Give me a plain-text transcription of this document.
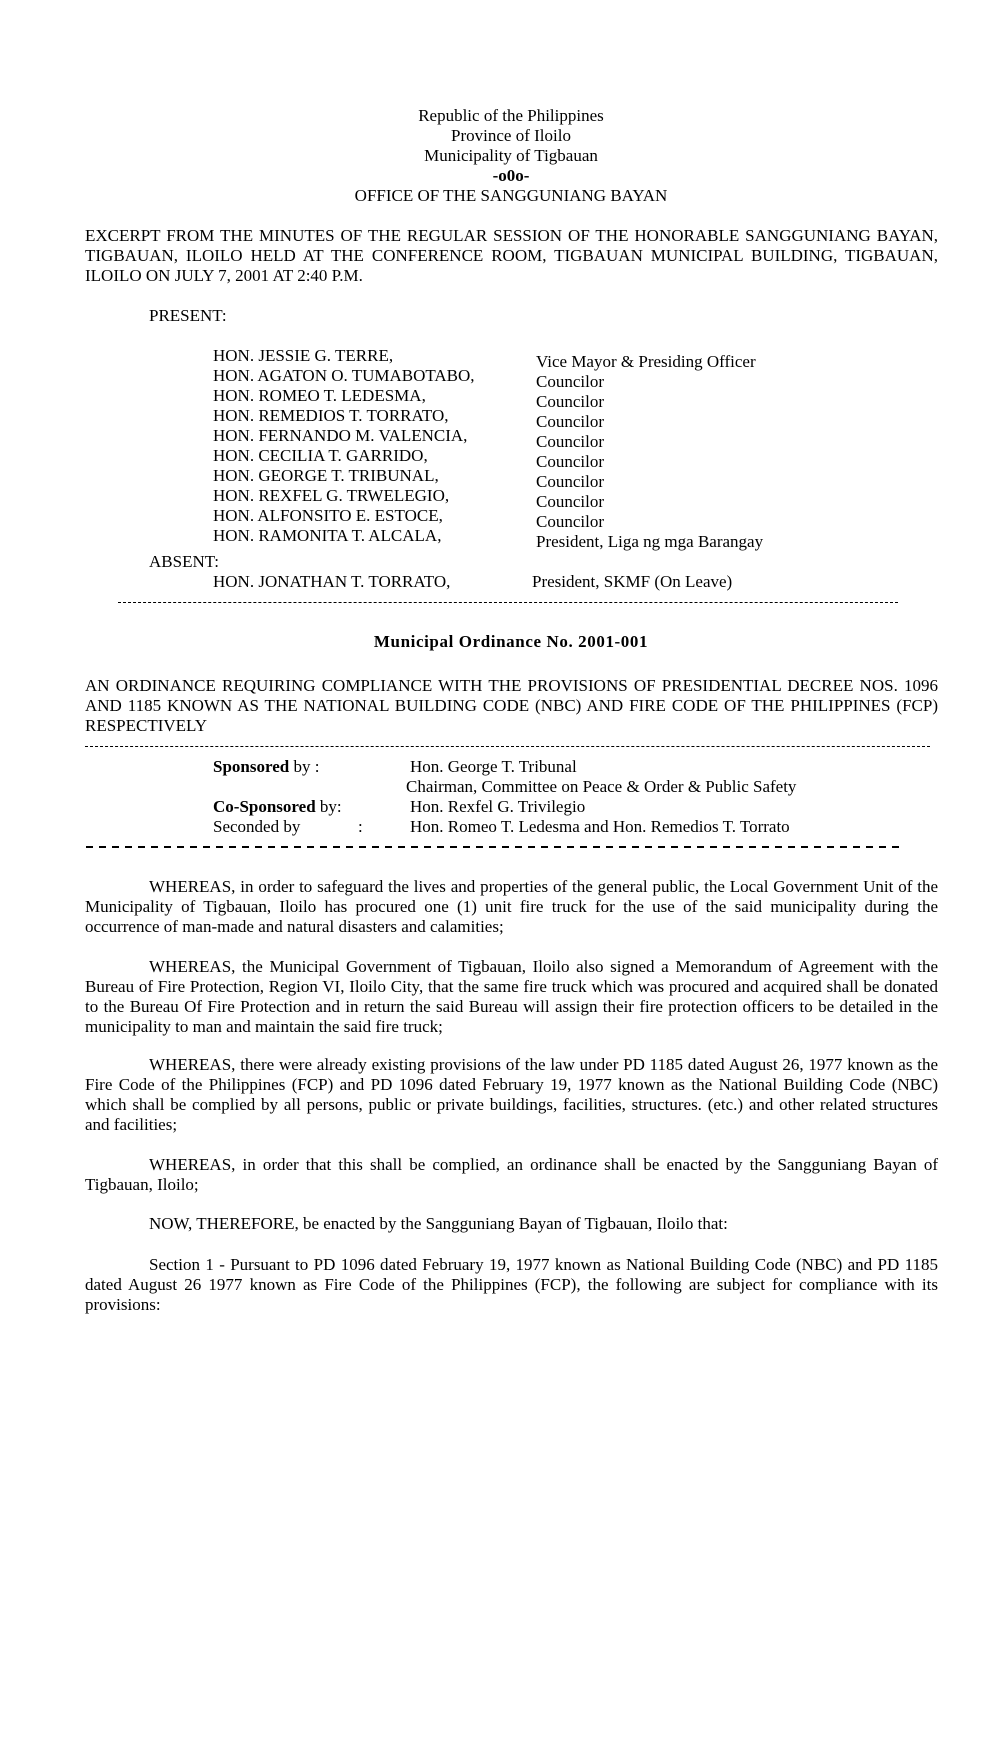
Republic of the Philippines
Province of Iloilo
Municipality of Tigbauan
-o0o-
OFFICE OF THE SANGGUNIANG BAYAN
EXCERPT FROM THE MINUTES OF THE REGULAR SESSION OF THE HONORABLE SANGGUNIANG BAYAN, TIGBAUAN, ILOILO HELD AT THE CONFERENCE ROOM, TIGBAUAN MUNICIPAL BUILDING, TIGBAUAN, ILOILO ON JULY 7, 2001 AT 2:40 P.M.
PRESENT:
HON. JESSIE G. TERRE,	Vice Mayor & Presiding Officer
HON. AGATON O. TUMABOTABO,	Councilor
HON. ROMEO T. LEDESMA,	Councilor
HON. REMEDIOS T. TORRATO,	Councilor
HON. FERNANDO M. VALENCIA,	Councilor
HON. CECILIA T. GARRIDO,	Councilor
HON. GEORGE T. TRIBUNAL,	Councilor
HON. REXFEL G. TRWELEGIO,	Councilor
HON. ALFONSITO E. ESTOCE,	Councilor
HON. RAMONITA T. ALCALA,	President, Liga ng mga Barangay
ABSENT:
HON. JONATHAN T. TORRATO,	President, SKMF (On Leave)
Municipal Ordinance No. 2001-001
AN ORDINANCE REQUIRING COMPLIANCE WITH THE PROVISIONS OF PRESIDENTIAL DECREE NOS. 1096 AND 1185 KNOWN AS THE NATIONAL BUILDING CODE (NBC) AND FIRE CODE OF THE PHILIPPINES (FCP) RESPECTIVELY
Sponsored by :	Hon. George T. Tribunal
Chairman, Committee on Peace & Order & Public Safety
Co-Sponsored by:	Hon. Rexfel G. Trivilegio
Seconded by	:	Hon. Romeo T. Ledesma and Hon. Remedios T. Torrato
WHEREAS, in order to safeguard the lives and properties of the general public, the Local Government Unit of the Municipality of Tigbauan, Iloilo has procured one (1) unit fire truck for the use of the said municipality during the occurrence of man-made and natural disasters and calamities;
WHEREAS, the Municipal Government of Tigbauan, Iloilo also signed a Memorandum of Agreement with the Bureau of Fire Protection, Region VI, Iloilo City, that the same fire truck which was procured and acquired shall be donated to the Bureau Of Fire Protection and in return the said Bureau will assign their fire protection officers to be detailed in the municipality to man and maintain the said fire truck;
WHEREAS, there were already existing provisions of the law under PD 1185 dated August 26, 1977 known as the Fire Code of the Philippines (FCP) and PD 1096 dated February 19, 1977 known as the National Building Code (NBC) which shall be complied by all persons, public or private buildings, facilities, structures. (etc.) and other related structures and facilities;
WHEREAS, in order that this shall be complied, an ordinance shall be enacted by the Sangguniang Bayan of Tigbauan, Iloilo;
NOW, THEREFORE, be enacted by the Sangguniang Bayan of Tigbauan, Iloilo that:
Section 1 - Pursuant to PD 1096 dated February 19, 1977 known as National Building Code (NBC) and PD 1185 dated August 26 1977 known as Fire Code of the Philippines (FCP), the following are subject for compliance with its provisions:
